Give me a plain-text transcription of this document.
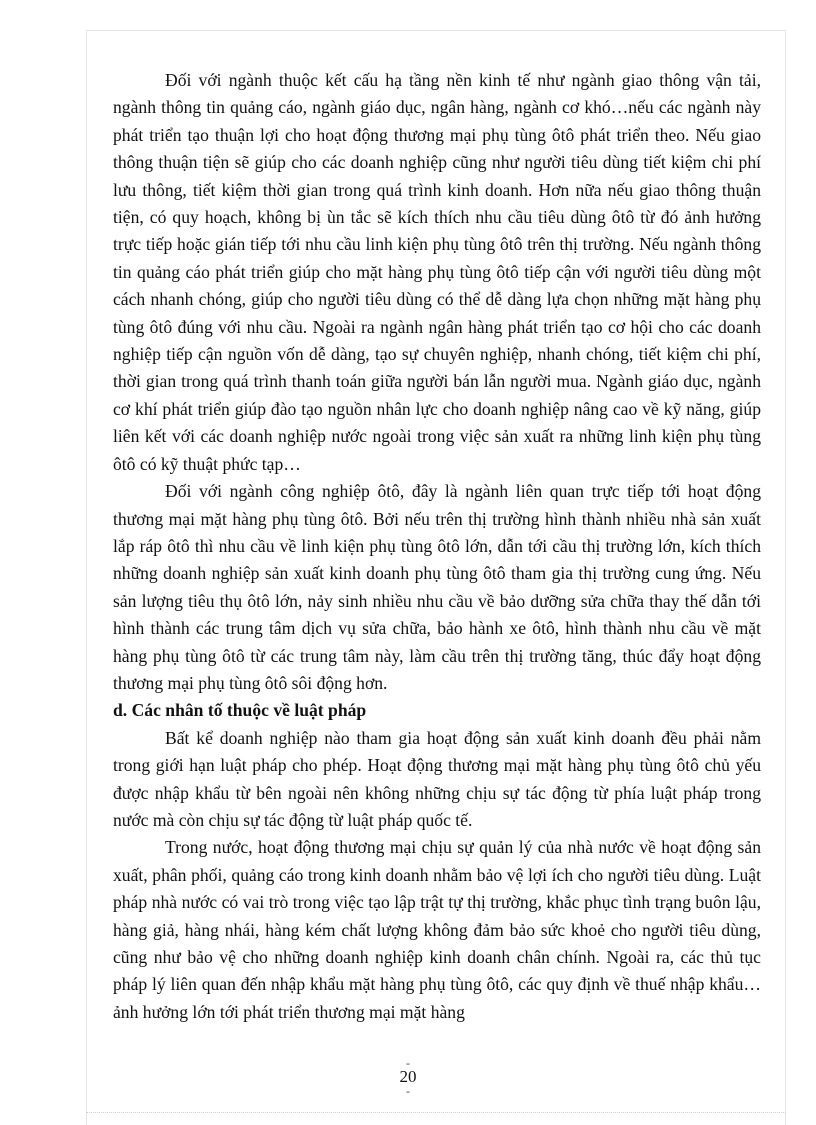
Đối với ngành thuộc kết cấu hạ tầng nền kinh tế như ngành giao thông vận tải, ngành thông tin quảng cáo, ngành giáo dục, ngân hàng, ngành cơ khó…nếu các ngành này phát triển tạo thuận lợi cho hoạt động thương mại phụ tùng ôtô phát triển theo. Nếu giao thông thuận tiện sẽ giúp cho các doanh nghiệp cũng như người tiêu dùng tiết kiệm chi phí lưu thông, tiết kiệm thời gian trong quá trình kinh doanh. Hơn nữa nếu giao thông thuận tiện, có quy hoạch, không bị ùn tắc sẽ kích thích nhu cầu tiêu dùng ôtô từ đó ảnh hưởng trực tiếp hoặc gián tiếp tới nhu cầu linh kiện phụ tùng ôtô trên thị trường. Nếu ngành thông tin quảng cáo phát triển giúp cho mặt hàng phụ tùng ôtô tiếp cận với người tiêu dùng một cách nhanh chóng, giúp cho người tiêu dùng có thể dễ dàng lựa chọn những mặt hàng phụ tùng ôtô đúng với nhu cầu. Ngoài ra ngành ngân hàng phát triển tạo cơ hội cho các doanh nghiệp tiếp cận nguồn vốn dễ dàng, tạo sự chuyên nghiệp, nhanh chóng, tiết kiệm chi phí, thời gian trong quá trình thanh toán giữa người bán lẫn người mua. Ngành giáo dục, ngành cơ khí phát triển giúp đào tạo nguồn nhân lực cho doanh nghiệp nâng cao về kỹ năng, giúp liên kết với các doanh nghiệp nước ngoài trong việc sản xuất ra những linh kiện phụ tùng ôtô có kỹ thuật phức tạp…

Đối với ngành công nghiệp ôtô, đây là ngành liên quan trực tiếp tới hoạt động thương mại mặt hàng phụ tùng ôtô. Bởi nếu trên thị trường hình thành nhiều nhà sản xuất lắp ráp ôtô thì nhu cầu về linh kiện phụ tùng ôtô lớn, dẫn tới cầu thị trường lớn, kích thích những doanh nghiệp sản xuất kinh doanh phụ tùng ôtô tham gia thị trường cung ứng. Nếu sản lượng tiêu thụ ôtô lớn, nảy sinh nhiều nhu cầu về bảo dưỡng sửa chữa thay thế dẫn tới hình thành các trung tâm dịch vụ sửa chữa, bảo hành xe ôtô, hình thành nhu cầu về mặt hàng phụ tùng ôtô từ các trung tâm này, làm cầu trên thị trường tăng, thúc đẩy hoạt động thương mại phụ tùng ôtô sôi động hơn.

d. Các nhân tố thuộc về luật pháp

Bất kể doanh nghiệp nào tham gia hoạt động sản xuất kinh doanh đều phải nằm trong giới hạn luật pháp cho phép. Hoạt động thương mại mặt hàng phụ tùng ôtô chủ yếu được nhập khẩu từ bên ngoài nên không những chịu sự tác động từ phía luật pháp trong nước mà còn chịu sự tác động từ luật pháp quốc tế.

Trong nước, hoạt động thương mại chịu sự quản lý của nhà nước về hoạt động sản xuất, phân phối, quảng cáo trong kinh doanh nhằm bảo vệ lợi ích cho người tiêu dùng. Luật pháp nhà nước có vai trò trong việc tạo lập trật tự thị trường, khắc phục tình trạng buôn lậu, hàng giả, hàng nhái, hàng kém chất lượng không đảm bảo sức khoẻ cho người tiêu dùng, cũng như bảo vệ cho những doanh nghiệp kinh doanh chân chính. Ngoài ra, các thủ tục pháp lý liên quan đến nhập khẩu mặt hàng phụ tùng ôtô, các quy định về thuế nhập khẩu… ảnh hưởng lớn tới phát triển thương mại mặt hàng

-
20
-
